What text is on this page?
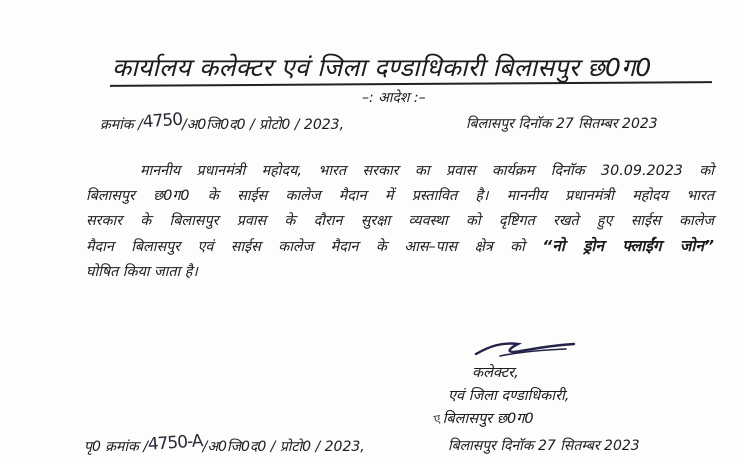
कार्यालय कलेक्टर एवं जिला दण्डाधिकारी बिलासपुर छ0ग0
–: आदेश :–
क्रमांक /4750/अ0जि0द0 / प्रोटो0 / 2023,	बिलासपुर दिनॉक 27 सितम्बर 2023
माननीय प्रधानमंत्री महोदय, भारत सरकार का प्रवास कार्यक्रम दिनॉक 30.09.2023 को
बिलासपुर छ0ग0 के साईस कालेज मैदान में प्रस्तावित है। माननीय प्रधानमंत्री महोदय भारत
सरकार के बिलासपुर प्रवास के दौरान सुरक्षा व्यवस्था को दृष्टिगत रखते हुए साईस कालेज
मैदान बिलासपुर एवं साईस कालेज मैदान के आस–पास क्षेत्र को “नो ड्रोन फ्लाईंग जोन”
घोषित किया जाता है।
कलेक्टर,
एवं जिला दण्डाधिकारी,
एबिलासपुर छ0ग0
पृ0 क्रमांक /4750-A/अ0जि0द0 / प्रोटो0 / 2023,	बिलासपुर दिनॉक 27 सितम्बर 2023
